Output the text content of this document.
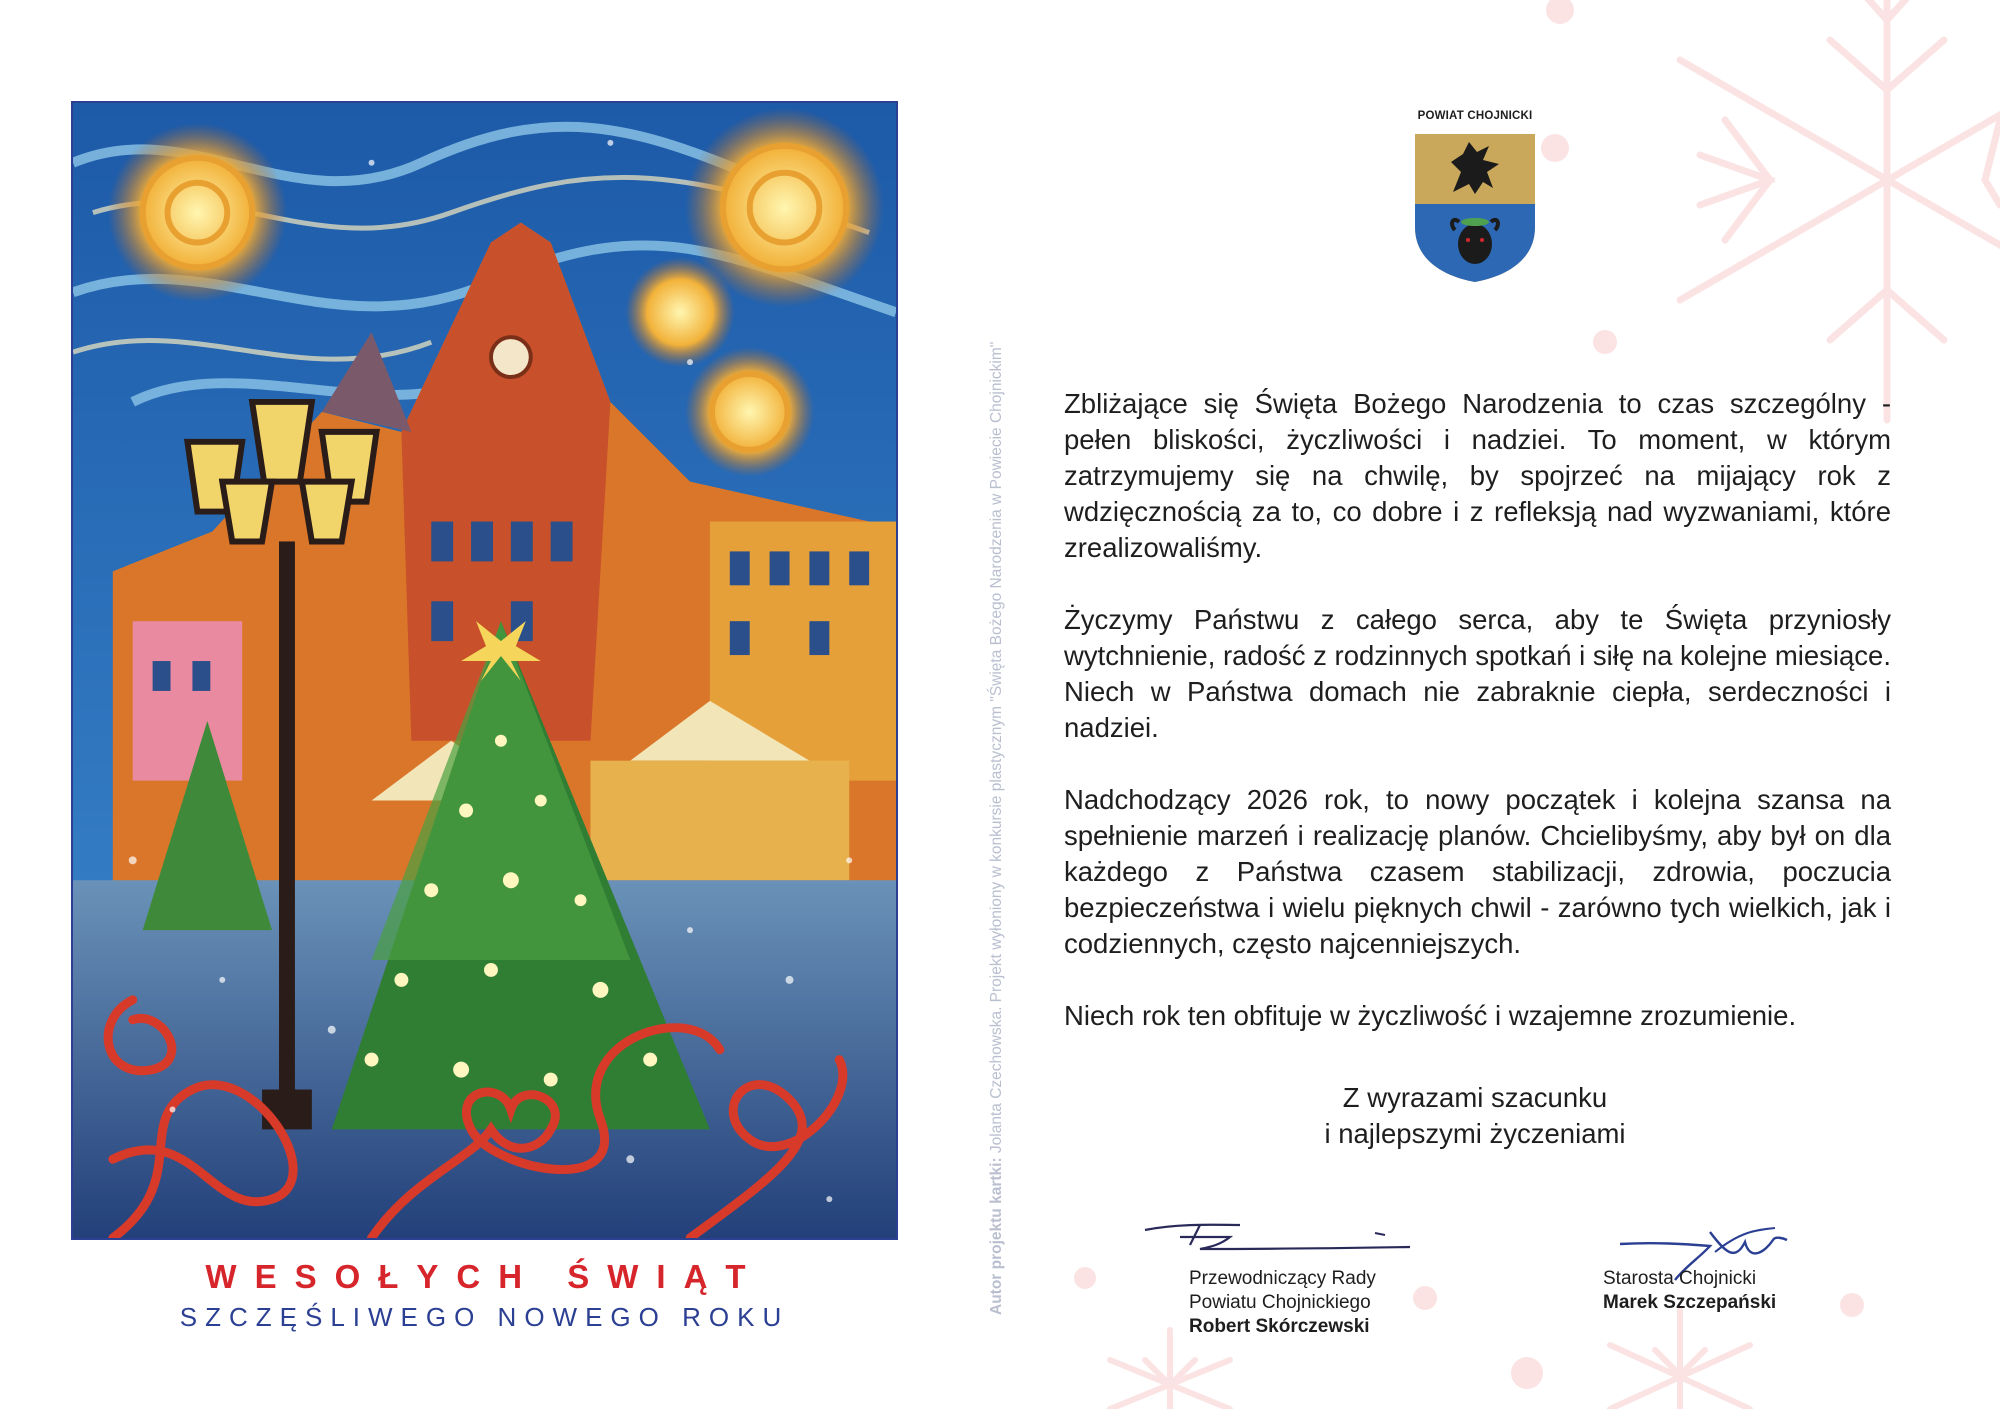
WESOŁYCH ŚWIĄT
SZCZĘŚLIWEGO NOWEGO ROKU
Autor projektu kartki: Jolanta Czechowska. Projekt wyłoniony w konkursie plastycznym "Święta Bożego Narodzenia w Powiecie Chojnickim"
POWIAT CHOJNICKI

Zbliżające się Święta Bożego Narodzenia to czas szczególny - pełen bliskości, życzliwości i nadziei. To moment, w którym zatrzymujemy się na chwilę, by spojrzeć na mijający rok z wdzięcznością za to, co dobre i z refleksją nad wyzwaniami, które zrealizowaliśmy.

Życzymy Państwu z całego serca, aby te Święta przyniosły wytchnienie, radość z rodzinnych spotkań i siłę na kolejne miesiące. Niech w Państwa domach nie zabraknie ciepła, serdeczności i nadziei.

Nadchodzący 2026 rok, to nowy początek i kolejna szansa na spełnienie marzeń i realizację planów. Chcielibyśmy, aby był on dla każdego z Państwa czasem stabilizacji, zdrowia, poczucia bezpieczeństwa i wielu pięknych chwil - zarówno tych wielkich, jak i codziennych, często najcenniejszych.

Niech rok ten obfituje w życzliwość i wzajemne zrozumienie.

Z wyrazami szacunku
i najlepszymi życzeniami
Przewodniczący Rady
Powiatu Chojnickiego
Robert Skórczewski
Starosta Chojnicki
Marek Szczepański
